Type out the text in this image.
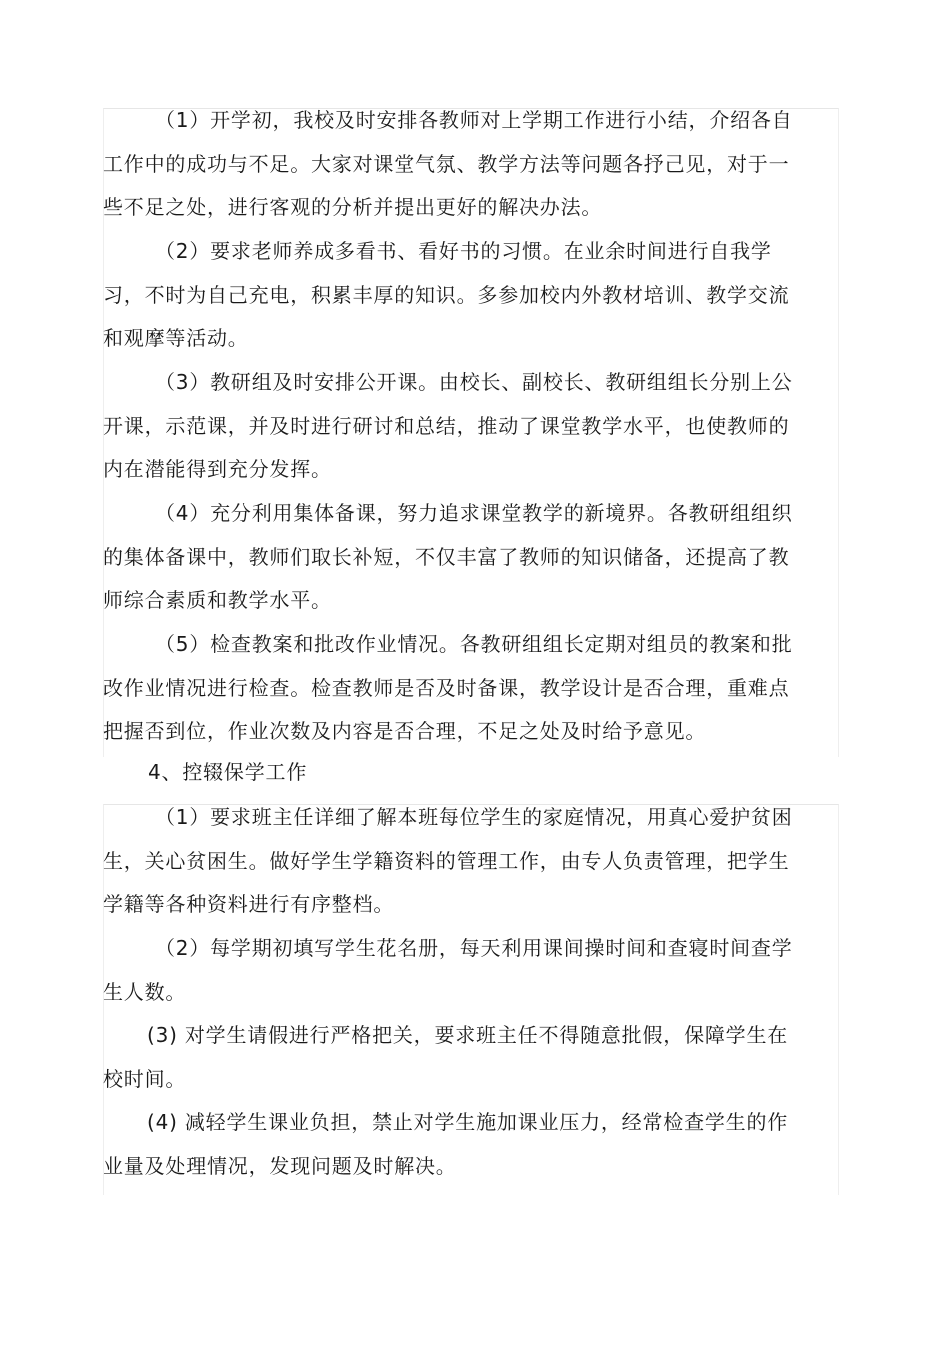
（1）开学初，我校及时安排各教师对上学期工作进行小结，介绍各自工作中的成功与不足。大家对课堂气氛、教学方法等问题各抒己见，对于一些不足之处，进行客观的分析并提出更好的解决办法。

（2）要求老师养成多看书、看好书的习惯。在业余时间进行自我学习，不时为自己充电，积累丰厚的知识。多参加校内外教材培训、教学交流和观摩等活动。

（3）教研组及时安排公开课。由校长、副校长、教研组组长分别上公开课，示范课，并及时进行研讨和总结，推动了课堂教学水平，也使教师的内在潜能得到充分发挥。

（4）充分利用集体备课，努力追求课堂教学的新境界。各教研组组织的集体备课中，教师们取长补短，不仅丰富了教师的知识储备，还提高了教师综合素质和教学水平。

（5）检查教案和批改作业情况。各教研组组长定期对组员的教案和批改作业情况进行检查。检查教师是否及时备课，教学设计是否合理，重难点把握否到位，作业次数及内容是否合理，不足之处及时给予意见。

4、控辍保学工作

（1）要求班主任详细了解本班每位学生的家庭情况，用真心爱护贫困生，关心贫困生。做好学生学籍资料的管理工作，由专人负责管理，把学生学籍等各种资料进行有序整档。

（2）每学期初填写学生花名册，每天利用课间操时间和查寝时间查学生人数。

(3) 对学生请假进行严格把关，要求班主任不得随意批假，保障学生在校时间。

(4) 减轻学生课业负担，禁止对学生施加课业压力，经常检查学生的作业量及处理情况，发现问题及时解决。
